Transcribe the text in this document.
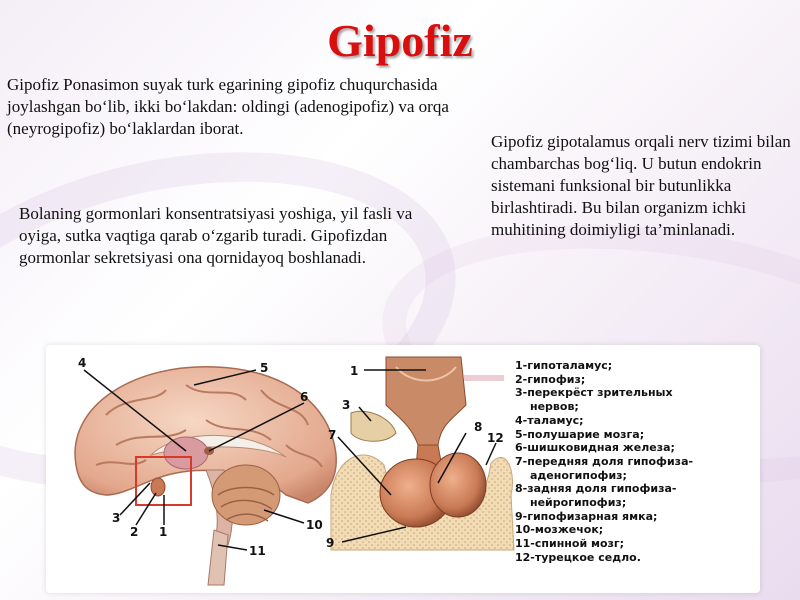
Gipofiz

Gipofiz Ponasimon suyak turk egarining gipofiz chuqurchasida joylashgan bo‘lib, ikki bo‘lakdan: oldingi (adenogipofiz) va orqa (neyrogipofiz) bo‘laklardan iborat.

Bolaning gormonlari konsentratsiyasi yoshiga, yil fasli va oyiga, sutka vaqtiga qarab o‘zgarib turadi. Gipofizdan gormonlar sekretsiyasi ona qornidayoq boshlanadi.

Gipofiz gipotalamus orqali nerv tizimi bilan chambarchas bog‘liq. U butun endokrin sistemani funksional bir butunlikka birlashtiradi. Bu bilan organizm ichki muhitining doimiyligi ta’minlanadi.

4	5
6
3
2 1	10
11
1
3
7
8
12
9
1-гипоталамус;
2-гипофиз;
3-перекрёст зрительных
нервов;
4-таламус;
5-полушарие мозга;
6-шишковидная железа;
7-передняя доля гипофиза-
аденогипофиз;
8-задняя доля гипофиза-
нейрогипофиз;
9-гипофизарная ямка;
10-мозжечок;
11-спинной мозг;
12-турецкое седло.
